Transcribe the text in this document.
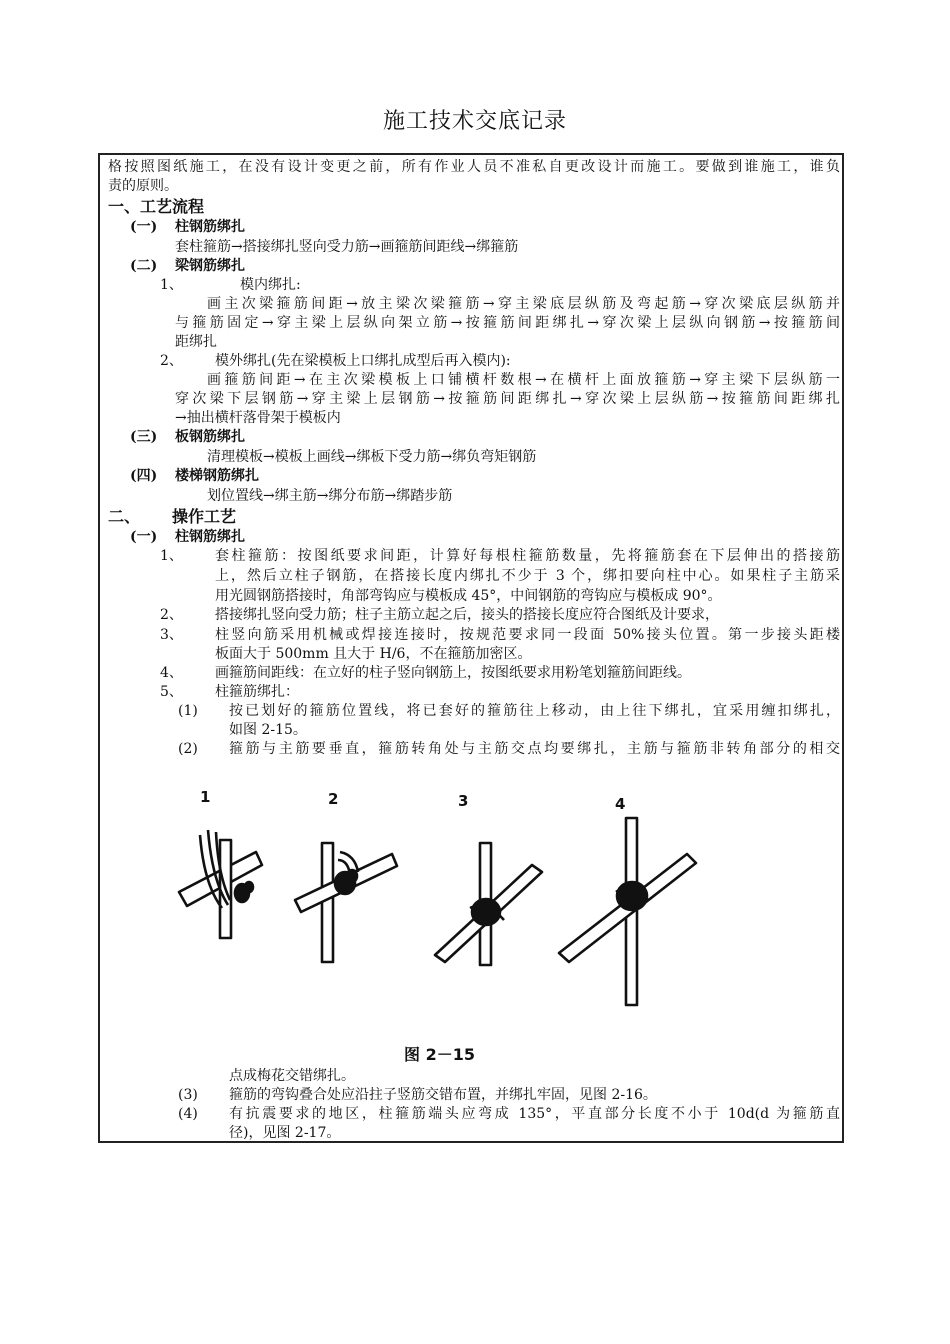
施工技术交底记录
格按照图纸施工，在没有设计变更之前，所有作业人员不准私自更改设计而施工。要做到谁施工，谁负
责的原则。
一、工艺流程
(一) 柱钢筋绑扎
套柱箍筋→搭接绑扎竖向受力筋→画箍筋间距线→绑箍筋
(二) 梁钢筋绑扎
1、	模内绑扎:
画主次梁箍筋间距→放主梁次梁箍筋→穿主梁底层纵筋及弯起筋→穿次梁底层纵筋并
与箍筋固定→穿主梁上层纵向架立筋→按箍筋间距绑扎→穿次梁上层纵向钢筋→按箍筋间
距绑扎
2、 模外绑扎(先在梁模板上口绑扎成型后再入模内):
画箍筋间距→在主次梁模板上口铺横杆数根→在横杆上面放箍筋→穿主梁下层纵筋一
穿次梁下层钢筋→穿主梁上层钢筋→按箍筋间距绑扎→穿次梁上层纵筋→按箍筋间距绑扎
→抽出横杆落骨架于模板内
(三) 板钢筋绑扎
清理模板→模板上画线→绑板下受力筋→绑负弯矩钢筋
(四) 楼梯钢筋绑扎
划位置线→绑主筋→绑分布筋→绑踏步筋
二、 操作工艺
(一) 柱钢筋绑扎
1、 套柱箍筋：按图纸要求间距，计算好每根柱箍筋数量，先将箍筋套在下层伸出的搭接筋
上，然后立柱子钢筋，在搭接长度内绑扎不少于 3 个，绑扣要向柱中心。如果柱子主筋采
用光圆钢筋搭接时，角部弯钩应与模板成 45°，中间钢筋的弯钩应与模板成 90°。
2、 搭接绑扎竖向受力筋；柱子主筋立起之后，接头的搭接长度应符合图纸及计要求，
3、 柱竖向筋采用机械或焊接连接时，按规范要求同一段面 50%接头位置。第一步接头距楼
板面大于 500mm 且大于 H/6，不在箍筋加密区。
4、 画箍筋间距线：在立好的柱子竖向钢筋上，按图纸要求用粉笔划箍筋间距线。
5、 柱箍筋绑扎：
(1) 按已划好的箍筋位置线，将已套好的箍筋往上移动，由上往下绑扎，宜采用缠扣绑扎，
如图 2-15。
(2) 箍筋与主筋要垂直，箍筋转角处与主筋交点均要绑扎，主筋与箍筋非转角部分的相交
1	2	3	4
图 2－15
点成梅花交错绑扎。
(3) 箍筋的弯钩叠合处应沿拄子竖筋交错布置，并绑扎牢固，见图 2-16。
(4) 有抗震要求的地区，柱箍筋端头应弯成 135°，平直部分长度不小于 10d(d 为箍筋直
径)，见图 2-17。
